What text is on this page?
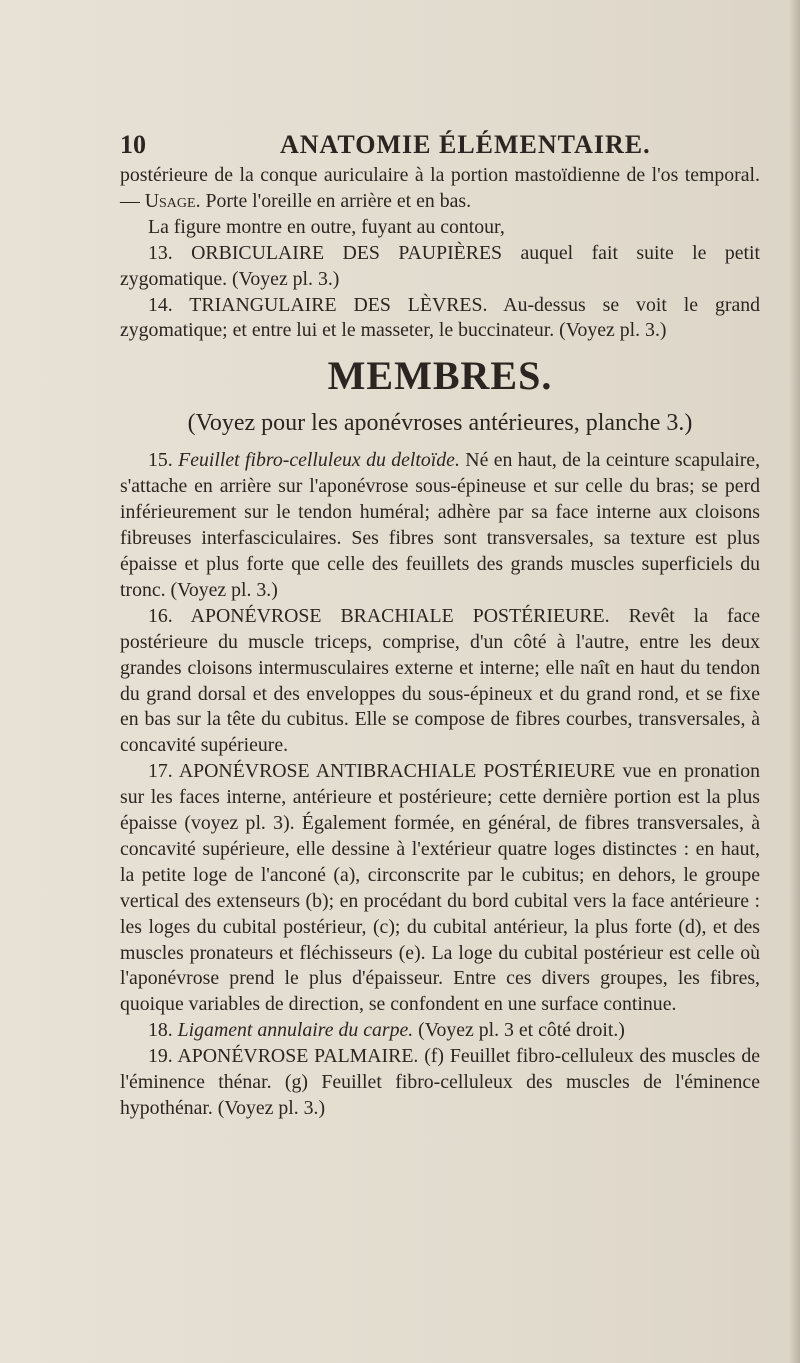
10	ANATOMIE ÉLÉMENTAIRE.

postérieure de la conque auriculaire à la portion mastoïdienne de l'os temporal. — Usage. Porte l'oreille en arrière et en bas.

La figure montre en outre, fuyant au contour,

13. ORBICULAIRE DES PAUPIÈRES auquel fait suite le petit zygomatique. (Voyez pl. 3.)

14. TRIANGULAIRE DES LÈVRES. Au-dessus se voit le grand zygomatique; et entre lui et le masseter, le buccinateur. (Voyez pl. 3.)

MEMBRES.
(Voyez pour les aponévroses antérieures, planche 3.)

15. Feuillet fibro-celluleux du deltoïde. Né en haut, de la ceinture scapulaire, s'attache en arrière sur l'aponévrose sous-épineuse et sur celle du bras; se perd inférieurement sur le tendon huméral; adhère par sa face interne aux cloisons fibreuses interfasciculaires. Ses fibres sont transversales, sa texture est plus épaisse et plus forte que celle des feuillets des grands muscles superficiels du tronc. (Voyez pl. 3.)

16. APONÉVROSE BRACHIALE POSTÉRIEURE. Revêt la face postérieure du muscle triceps, comprise, d'un côté à l'autre, entre les deux grandes cloisons intermusculaires externe et interne; elle naît en haut du tendon du grand dorsal et des enveloppes du sous-épineux et du grand rond, et se fixe en bas sur la tête du cubitus. Elle se compose de fibres courbes, transversales, à concavité supérieure.

17. APONÉVROSE ANTIBRACHIALE POSTÉRIEURE vue en pronation sur les faces interne, antérieure et postérieure; cette dernière portion est la plus épaisse (voyez pl. 3). Également formée, en général, de fibres transversales, à concavité supérieure, elle dessine à l'extérieur quatre loges distinctes : en haut, la petite loge de l'anconé (a), circonscrite par le cubitus; en dehors, le groupe vertical des extenseurs (b); en procédant du bord cubital vers la face antérieure : les loges du cubital postérieur, (c); du cubital antérieur, la plus forte (d), et des muscles pronateurs et fléchisseurs (e). La loge du cubital postérieur est celle où l'aponévrose prend le plus d'épaisseur. Entre ces divers groupes, les fibres, quoique variables de direction, se confondent en une surface continue.

18. Ligament annulaire du carpe. (Voyez pl. 3 et côté droit.)

19. APONÉVROSE PALMAIRE. (f) Feuillet fibro-celluleux des muscles de l'éminence thénar. (g) Feuillet fibro-celluleux des muscles de l'éminence hypothénar. (Voyez pl. 3.)
